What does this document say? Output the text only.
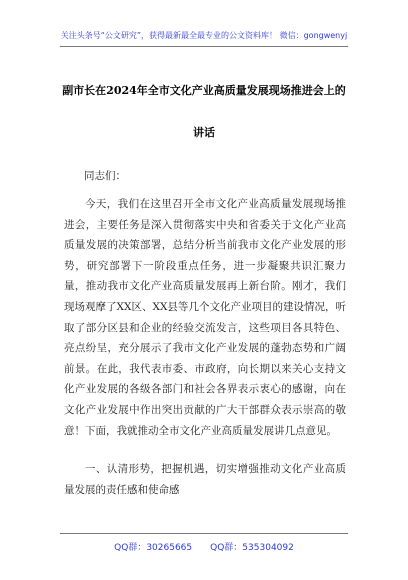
关注头条号“公文研究”，获得最新最全最专业的公文资料库！ 微信：gongwenyj
副市长在2024年全市文化产业高质量发展现场推进会上的
讲话
同志们：

今天，我们在这里召开全市文化产业高质量发展现场推进会，主要任务是深入贯彻落实中央和省委关于文化产业高质量发展的决策部署，总结分析当前我市文化产业发展的形势，研究部署下一阶段重点任务，进一步凝聚共识汇聚力量，推动我市文化产业高质量发展再上新台阶。刚才，我们现场观摩了XX区、XX县等几个文化产业项目的建设情况，听取了部分区县和企业的经验交流发言，这些项目各具特色、亮点纷呈，充分展示了我市文化产业发展的蓬勃态势和广阔前景。在此，我代表市委、市政府，向长期以来关心支持文化产业发展的各级各部门和社会各界表示衷心的感谢，向在文化产业发展中作出突出贡献的广大干部群众表示崇高的敬意！下面，我就推动全市文化产业高质量发展讲几点意见。

一、认清形势，把握机遇，切实增强推动文化产业高质量发展的责任感和使命感

QQ群：30265665 QQ群：535304092
